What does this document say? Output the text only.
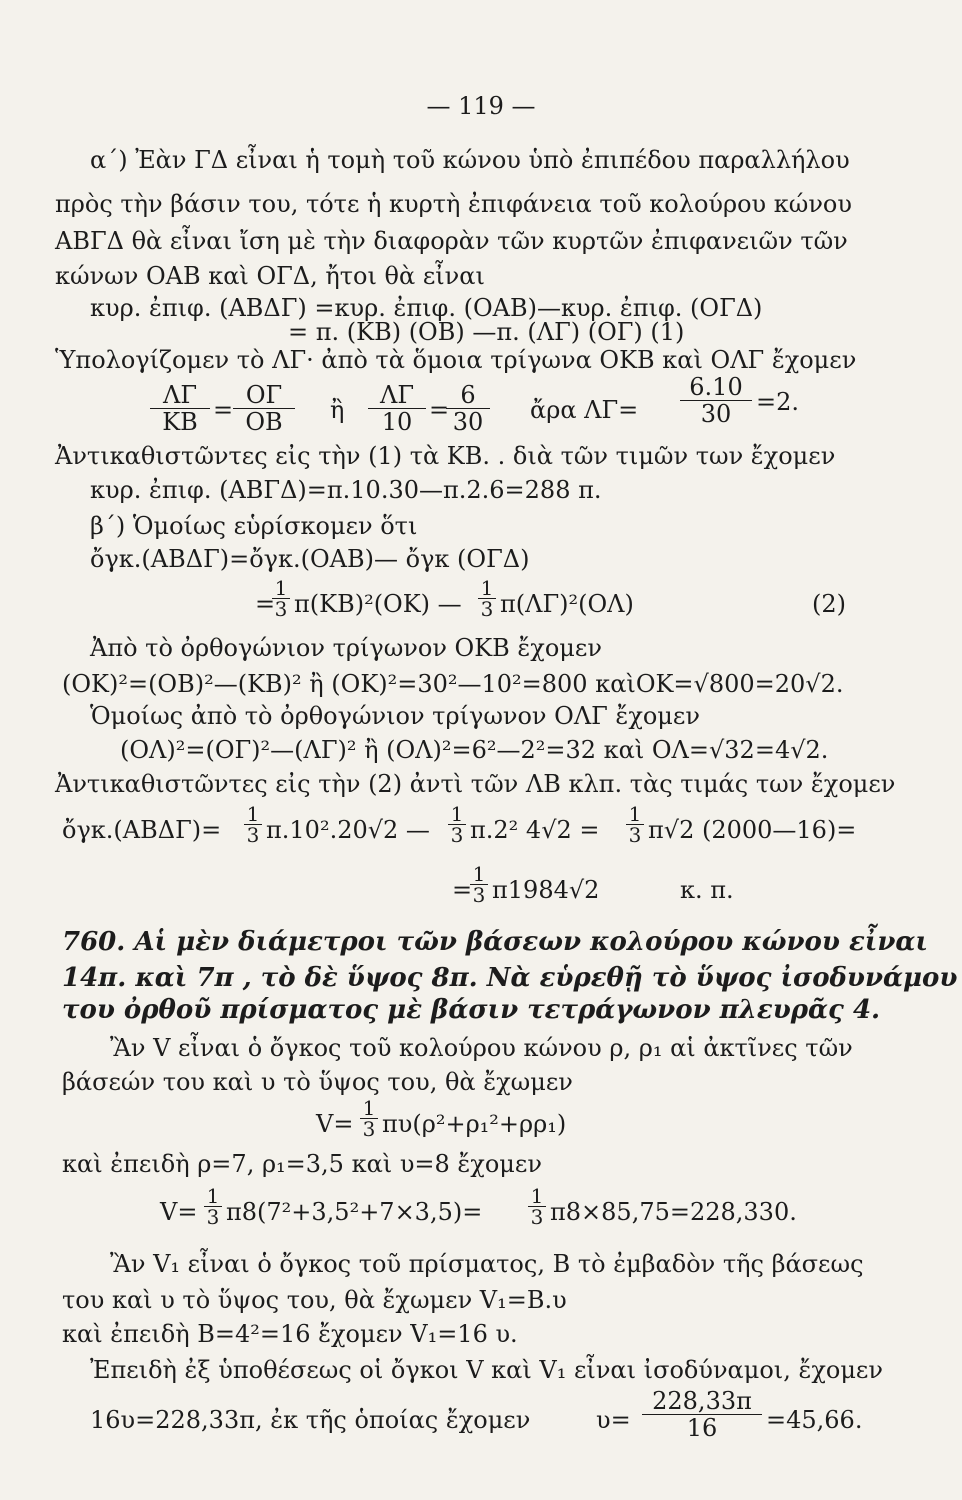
— 119 —
α΄) Ἐὰν ΓΔ εἶναι ἡ τομὴ τοῦ κώνου ὑπὸ ἐπιπέδου παραλλήλου
πρὸς τὴν βάσιν του, τότε ἡ κυρτὴ ἐπιφάνεια τοῦ κολούρου κώνου
ΑΒΓΔ θὰ εἶναι ἴση μὲ τὴν διαφορὰν τῶν κυρτῶν ἐπιφανειῶν τῶν
κώνων ΟΑΒ καὶ ΟΓΔ, ἤτοι θὰ εἶναι
κυρ. ἐπιφ. (ΑΒΔΓ) =κυρ. ἐπιφ. (ΟΑΒ)—κυρ. ἐπιφ. (ΟΓΔ)
= π. (ΚΒ) (ΟΒ) —π. (ΛΓ) (ΟΓ) (1)
Ὑπολογίζομεν τὸ ΛΓ· ἀπὸ τὰ ὅμοια τρίγωνα ΟΚΒ καὶ ΟΛΓ ἔχομεν
$\frac{\Lambda\Gamma}{KB} = \frac{O\Gamma}{OB}$ ἢ $\frac{\Lambda\Gamma}{10}$ =
$\frac{6}{30}$ ἄρα $\Lambda\Gamma= \frac{6.10}{30} =2$.
Ἀντικαθιστῶντες εἰς τὴν (1) τὰ ΚΒ. . διὰ τῶν τιμῶν των ἔχομεν
κυρ. ἐπιφ. (ΑΒΓΔ)=π.10.30—π.2.6=288 π.
β΄) Ὁμοίως εὑρίσκομεν ὅτι
ὄγκ.(ΑΒΔΓ)=ὄγκ.(ΟΑΒ)— ὄγκ (ΟΓΔ)
=
$\frac{1}{3} \pi(KB)^2(OK)$ — $\frac{1}{3} \pi(\Lambda\Gamma)^2(O\Lambda)$	(2)
Ἀπὸ τὸ ὀρθογώνιον τρίγωνον ΟΚΒ ἔχομεν
(ΟΚ)²=(ΟΒ)²—(ΚΒ)² ἢ (ΟΚ)²=30²—10²=800 καὶΟΚ=√800=20√2.
Ὁμοίως ἀπὸ τὸ ὀρθογώνιον τρίγωνον ΟΛΓ ἔχομεν
(ΟΛ)²=(ΟΓ)²—(ΛΓ)² ἢ (ΟΛ)²=6²—2²=32 καὶ ΟΛ=√32=4√2.
Ἀντικαθιστῶντες εἰς τὴν (2) ἀντὶ τῶν ΛΒ κλπ. τὰς τιμάς των ἔχομεν
ὄγκ.(ΑΒΔΓ)= $\frac{1}{3} \pi.10^2.20√2$ — $\frac{1}{3} \pi.2^2$ $4√2 = \frac{1}{3} \pi√2$ (2000—16)=
=
$\frac{1}{3} \pi 1984√2$	κ. π.
760. Αἱ μὲν διάμετροι τῶν βάσεων κολούρου κώνου εἶναι
14π. καὶ 7π , τὸ δὲ ὕψος 8π. Νὰ εὑρεθῇ τὸ ὕψος ἰσοδυνάμου
του ὀρθοῦ πρίσματος μὲ βάσιν τετράγωνον πλευρᾶς 4.
Ἂν V εἶναι ὁ ὄγκος τοῦ κολούρου κώνου ρ, ρ₁ αἱ ἀκτῖνες τῶν
βάσεών του καὶ υ τὸ ὕψος του, θὰ ἔχωμεν
$V= \frac{1}{3} \pi\upsilon(\rho^2+\rho_1^2+\rho\rho_1)$
καὶ ἐπειδὴ ρ=7, ρ₁=3,5 καὶ υ=8 ἔχομεν
$V= \frac{1}{3} \pi 8(7^2+3,5^2+7\times 3,5)= \frac{1}{3} \pi 8\times 85,75=228,330$.
Ἂν V₁ εἶναι ὁ ὄγκος τοῦ πρίσματος, Β τὸ ἐμβαδὸν τῆς βάσεως
του καὶ υ τὸ ὕψος του, θὰ ἔχωμεν V₁=Β.υ
καὶ ἐπειδὴ Β=4²=16 ἔχομεν V₁=16 υ.
Ἐπειδὴ ἐξ ὑποθέσεως οἱ ὄγκοι V καὶ V₁ εἶναι ἰσοδύναμοι, ἔχομεν
16υ=228,33π, ἐκ τῆς ὁποίας ἔχομεν	$\upsilon= \frac{228,33\pi}{16} =45,66$.
